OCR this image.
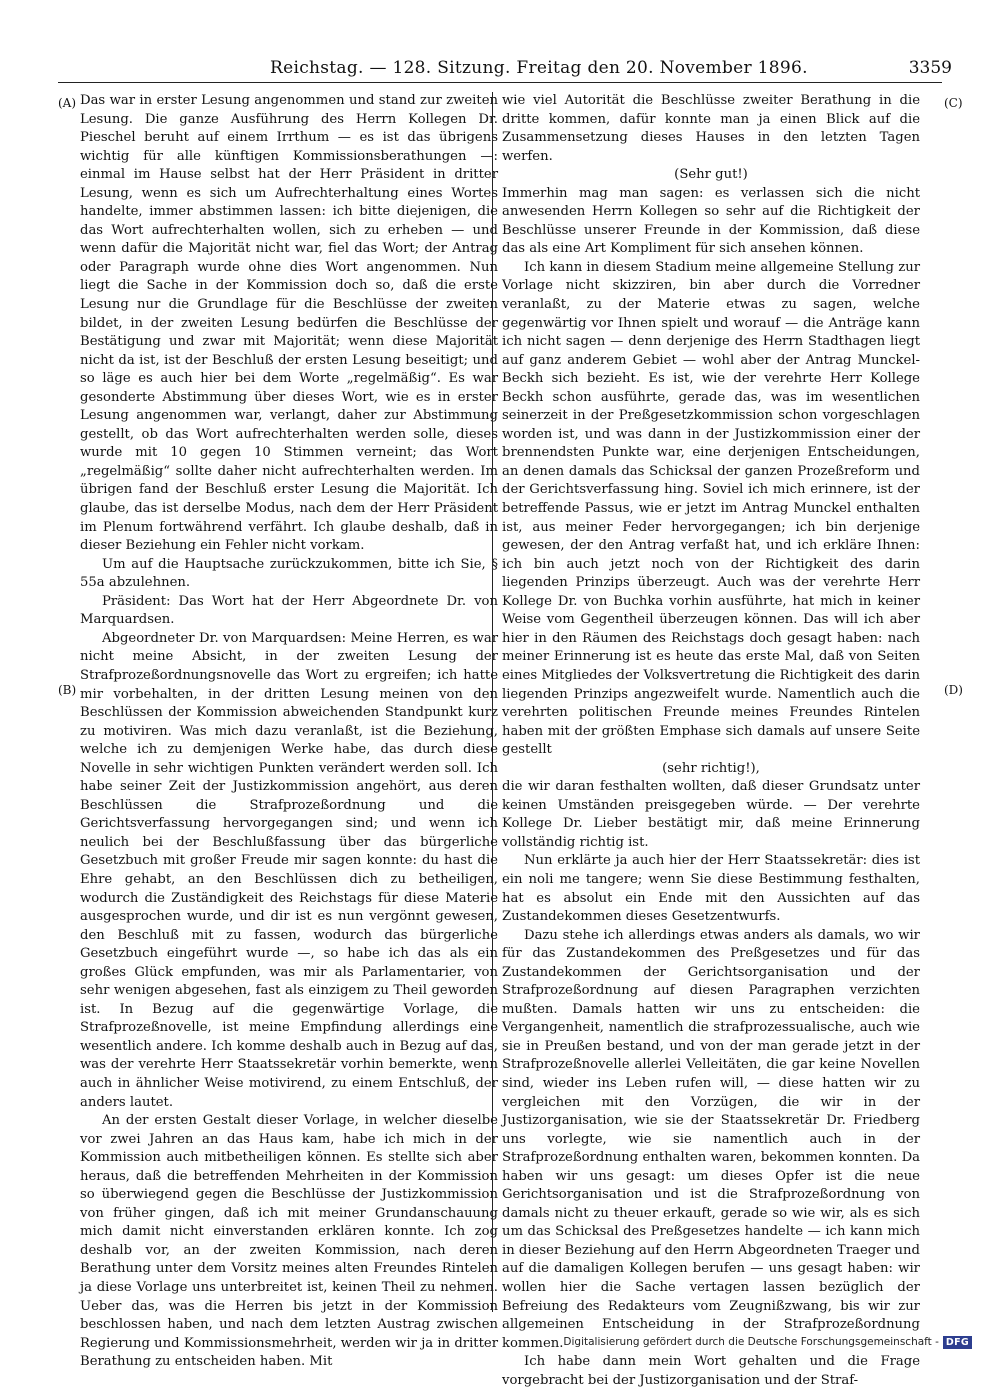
Reichstag. — 128. Sitzung. Freitag den 20. November 1896.	3359
(A)
(B)
(C)
(D)

Das war in erster Lesung angenommen und stand zur zweiten Lesung. Die ganze Ausführung des Herrn Kollegen Dr. Pieschel beruht auf einem Irrthum — es ist das übrigens wichtig für alle künftigen Kommissionsberathungen —: einmal im Hause selbst hat der Herr Präsident in dritter Lesung, wenn es sich um Aufrechterhaltung eines Wortes handelte, immer abstimmen lassen: ich bitte diejenigen, die das Wort aufrechterhalten wollen, sich zu erheben — und wenn dafür die Majorität nicht war, fiel das Wort; der Antrag oder Paragraph wurde ohne dies Wort angenommen. Nun liegt die Sache in der Kommission doch so, daß die erste Lesung nur die Grundlage für die Beschlüsse der zweiten bildet, in der zweiten Lesung bedürfen die Beschlüsse der Bestätigung und zwar mit Majorität; wenn diese Majorität nicht da ist, ist der Beschluß der ersten Lesung beseitigt; und so läge es auch hier bei dem Worte „regelmäßig“. Es war gesonderte Abstimmung über dieses Wort, wie es in erster Lesung angenommen war, verlangt, daher zur Abstimmung gestellt, ob das Wort aufrechterhalten werden solle, dieses wurde mit 10 gegen 10 Stimmen verneint; das Wort „regelmäßig“ sollte daher nicht aufrechterhalten werden. Im übrigen fand der Beschluß erster Lesung die Majorität. Ich glaube, das ist derselbe Modus, nach dem der Herr Präsident im Plenum fortwährend verfährt. Ich glaube deshalb, daß in dieser Beziehung ein Fehler nicht vorkam.

Um auf die Hauptsache zurückzukommen, bitte ich Sie, § 55a abzulehnen.

Präsident: Das Wort hat der Herr Abgeordnete Dr. von Marquardsen.

Abgeordneter Dr. von Marquardsen: Meine Herren, es war nicht meine Absicht, in der zweiten Lesung der Strafprozeßordnungsnovelle das Wort zu ergreifen; ich hatte mir vorbehalten, in der dritten Lesung meinen von den Beschlüssen der Kommission abweichenden Standpunkt kurz zu motiviren. Was mich dazu veranlaßt, ist die Beziehung, welche ich zu demjenigen Werke habe, das durch diese Novelle in sehr wichtigen Punkten verändert werden soll. Ich habe seiner Zeit der Justizkommission angehört, aus deren Beschlüssen die Strafprozeßordnung und die Gerichtsverfassung hervorgegangen sind; und wenn ich neulich bei der Beschlußfassung über das bürgerliche Gesetzbuch mit großer Freude mir sagen konnte: du hast die Ehre gehabt, an den Beschlüssen dich zu betheiligen, wodurch die Zuständigkeit des Reichstags für diese Materie ausgesprochen wurde, und dir ist es nun vergönnt gewesen, den Beschluß mit zu fassen, wodurch das bürgerliche Gesetzbuch eingeführt wurde —, so habe ich das als ein großes Glück empfunden, was mir als Parlamentarier, von sehr wenigen abgesehen, fast als einzigem zu Theil geworden ist. In Bezug auf die gegenwärtige Vorlage, die Strafprozeßnovelle, ist meine Empfindung allerdings eine wesentlich andere. Ich komme deshalb auch in Bezug auf das, was der verehrte Herr Staatssekretär vorhin bemerkte, wenn auch in ähnlicher Weise motivirend, zu einem Entschluß, der anders lautet.

An der ersten Gestalt dieser Vorlage, in welcher dieselbe vor zwei Jahren an das Haus kam, habe ich mich in der Kommission auch mitbetheiligen können. Es stellte sich aber heraus, daß die betreffenden Mehrheiten in der Kommission so überwiegend gegen die Beschlüsse der Justizkommission von früher gingen, daß ich mit meiner Grundanschauung mich damit nicht einverstanden erklären konnte. Ich zog deshalb vor, an der zweiten Kommission, nach deren Berathung unter dem Vorsitz meines alten Freundes Rintelen ja diese Vorlage uns unterbreitet ist, keinen Theil zu nehmen. Ueber das, was die Herren bis jetzt in der Kommission beschlossen haben, und nach dem letzten Austrag zwischen Regierung und Kommissionsmehrheit, werden wir ja in dritter Berathung zu entscheiden haben. Mit

wie viel Autorität die Beschlüsse zweiter Berathung in die dritte kommen, dafür konnte man ja einen Blick auf die Zusammensetzung dieses Hauses in den letzten Tagen werfen.

(Sehr gut!)

Immerhin mag man sagen: es verlassen sich die nicht anwesenden Herrn Kollegen so sehr auf die Richtigkeit der Beschlüsse unserer Freunde in der Kommission, daß diese das als eine Art Kompliment für sich ansehen können.

Ich kann in diesem Stadium meine allgemeine Stellung zur Vorlage nicht skizziren, bin aber durch die Vorredner veranlaßt, zu der Materie etwas zu sagen, welche gegenwärtig vor Ihnen spielt und worauf — die Anträge kann ich nicht sagen — denn derjenige des Herrn Stadthagen liegt auf ganz anderem Gebiet — wohl aber der Antrag Munckel-Beckh sich bezieht. Es ist, wie der verehrte Herr Kollege Beckh schon ausführte, gerade das, was im wesentlichen seinerzeit in der Preßgesetzkommission schon vorgeschlagen worden ist, und was dann in der Justizkommission einer der brennendsten Punkte war, eine derjenigen Entscheidungen, an denen damals das Schicksal der ganzen Prozeßreform und der Gerichtsverfassung hing. Soviel ich mich erinnere, ist der betreffende Passus, wie er jetzt im Antrag Munckel enthalten ist, aus meiner Feder hervorgegangen; ich bin derjenige gewesen, der den Antrag verfaßt hat, und ich erkläre Ihnen: ich bin auch jetzt noch von der Richtigkeit des darin liegenden Prinzips überzeugt. Auch was der verehrte Herr Kollege Dr. von Buchka vorhin ausführte, hat mich in keiner Weise vom Gegentheil überzeugen können. Das will ich aber hier in den Räumen des Reichstags doch gesagt haben: nach meiner Erinnerung ist es heute das erste Mal, daß von Seiten eines Mitgliedes der Volksvertretung die Richtigkeit des darin liegenden Prinzips angezweifelt wurde. Namentlich auch die verehrten politischen Freunde meines Freundes Rintelen haben mit der größten Emphase sich damals auf unsere Seite gestellt

(sehr richtig!),

die wir daran festhalten wollten, daß dieser Grundsatz unter keinen Umständen preisgegeben würde. — Der verehrte Kollege Dr. Lieber bestätigt mir, daß meine Erinnerung vollständig richtig ist.

Nun erklärte ja auch hier der Herr Staatssekretär: dies ist ein noli me tangere; wenn Sie diese Bestimmung festhalten, hat es absolut ein Ende mit den Aussichten auf das Zustandekommen dieses Gesetzentwurfs.

Dazu stehe ich allerdings etwas anders als damals, wo wir für das Zustandekommen des Preßgesetzes und für das Zustandekommen der Gerichtsorganisation und der Strafprozeßordnung auf diesen Paragraphen verzichten mußten. Damals hatten wir uns zu entscheiden: die Vergangenheit, namentlich die strafprozessualische, auch wie sie in Preußen bestand, und von der man gerade jetzt in der Strafprozeßnovelle allerlei Velleitäten, die gar keine Novellen sind, wieder ins Leben rufen will, — diese hatten wir zu vergleichen mit den Vorzügen, die wir in der Justizorganisation, wie sie der Staatssekretär Dr. Friedberg uns vorlegte, wie sie namentlich auch in der Strafprozeßordnung enthalten waren, bekommen konnten. Da haben wir uns gesagt: um dieses Opfer ist die neue Gerichtsorganisation und ist die Strafprozeßordnung von damals nicht zu theuer erkauft, gerade so wie wir, als es sich um das Schicksal des Preßgesetzes handelte — ich kann mich in dieser Beziehung auf den Herrn Abgeordneten Traeger und auf die damaligen Kollegen berufen — uns gesagt haben: wir wollen hier die Sache vertagen lassen bezüglich der Befreiung des Redakteurs vom Zeugnißzwang, bis wir zur allgemeinen Entscheidung in der Strafprozeßordnung kommen.

Ich habe dann mein Wort gehalten und die Frage vorgebracht bei der Justizorganisation und der Straf-

Digitalisierung gefördert durch die Deutsche Forschungsgemeinschaft - DFG
